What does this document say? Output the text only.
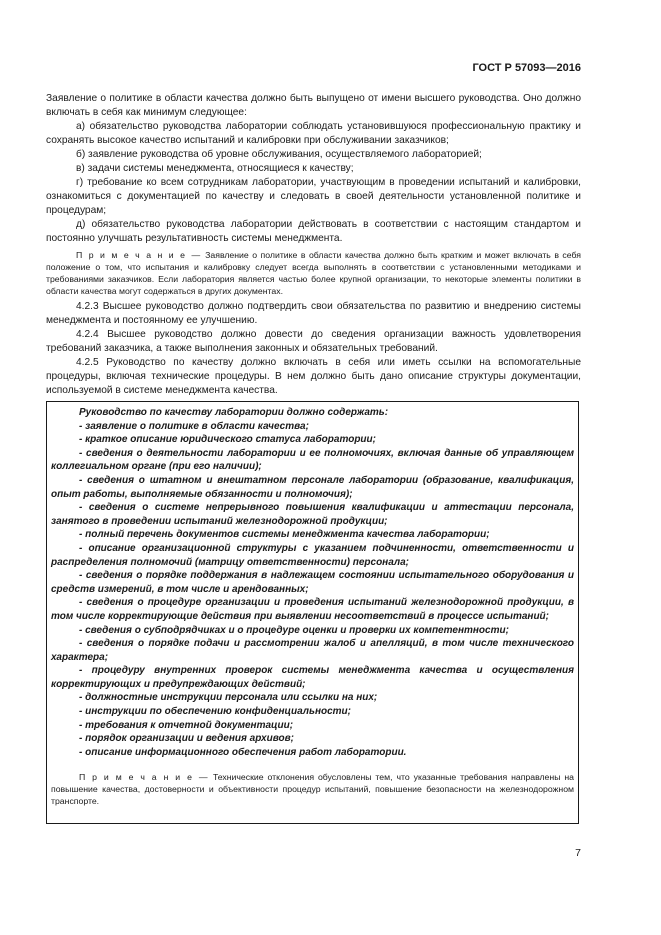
ГОСТ Р 57093—2016

Заявление о политике в области качества должно быть выпущено от имени высшего руководства. Оно должно включать в себя как минимум следующее:

а) обязательство руководства лаборатории соблюдать установившуюся профессиональную практику и сохранять высокое качество испытаний и калибровки при обслуживании заказчиков;

б) заявление руководства об уровне обслуживания, осуществляемого лабораторией;

в) задачи системы менеджмента, относящиеся к качеству;

г) требование ко всем сотрудникам лаборатории, участвующим в проведении испытаний и калибровки, ознакомиться с документацией по качеству и следовать в своей деятельности установленной политике и процедурам;

д) обязательство руководства лаборатории действовать в соответствии с настоящим стандартом и постоянно улучшать результативность системы менеджмента.

П р и м е ч а н и е — Заявление о политике в области качества должно быть кратким и может включать в себя положение о том, что испытания и калибровку следует всегда выполнять в соответствии с установленными методиками и требованиями заказчиков. Если лаборатория является частью более крупной организации, то некоторые элементы политики в области качества могут содержаться в других документах.

4.2.3 Высшее руководство должно подтвердить свои обязательства по развитию и внедрению системы менеджмента и постоянному ее улучшению.

4.2.4 Высшее руководство должно довести до сведения организации важность удовлетворения требований заказчика, а также выполнения законных и обязательных требований.

4.2.5 Руководство по качеству должно включать в себя или иметь ссылки на вспомогательные процедуры, включая технические процедуры. В нем должно быть дано описание структуры документации, используемой в системе менеджмента качества.

Руководство по качеству лаборатории должно содержать:
- заявление о политике в области качества;
- краткое описание юридического статуса лаборатории;
- сведения о деятельности лаборатории и ее полномочиях, включая данные об управляющем коллегиальном органе (при его наличии);
- сведения о штатном и внештатном персонале лаборатории (образование, квалификация, опыт работы, выполняемые обязанности и полномочия);
- сведения о системе непрерывного повышения квалификации и аттестации персонала, занятого в проведении испытаний железнодорожной продукции;
- полный перечень документов системы менеджмента качества лаборатории;
- описание организационной структуры с указанием подчиненности, ответственности и распределения полномочий (матрицу ответственности) персонала;
- сведения о порядке поддержания в надлежащем состоянии испытательного оборудования и средств измерений, в том числе и арендованных;
- сведения о процедуре организации и проведения испытаний железнодорожной продукции, в том числе корректирующие действия при выявлении несоответствий в процессе испытаний;
- сведения о субподрядчиках и о процедуре оценки и проверки их компетентности;
- сведения о порядке подачи и рассмотрении жалоб и апелляций, в том числе технического характера;
- процедуру внутренних проверок системы менеджмента качества и осуществления корректирующих и предупреждающих действий;
- должностные инструкции персонала или ссылки на них;
- инструкции по обеспечению конфиденциальности;
- требования к отчетной документации;
- порядок организации и ведения архивов;
- описание информационного обеспечения работ лаборатории.
П р и м е ч а н и е — Технические отклонения обусловлены тем, что указанные требования направлены на повышение качества, достоверности и объективности процедур испытаний, повышение безопасности на железнодорожном транспорте.
7
